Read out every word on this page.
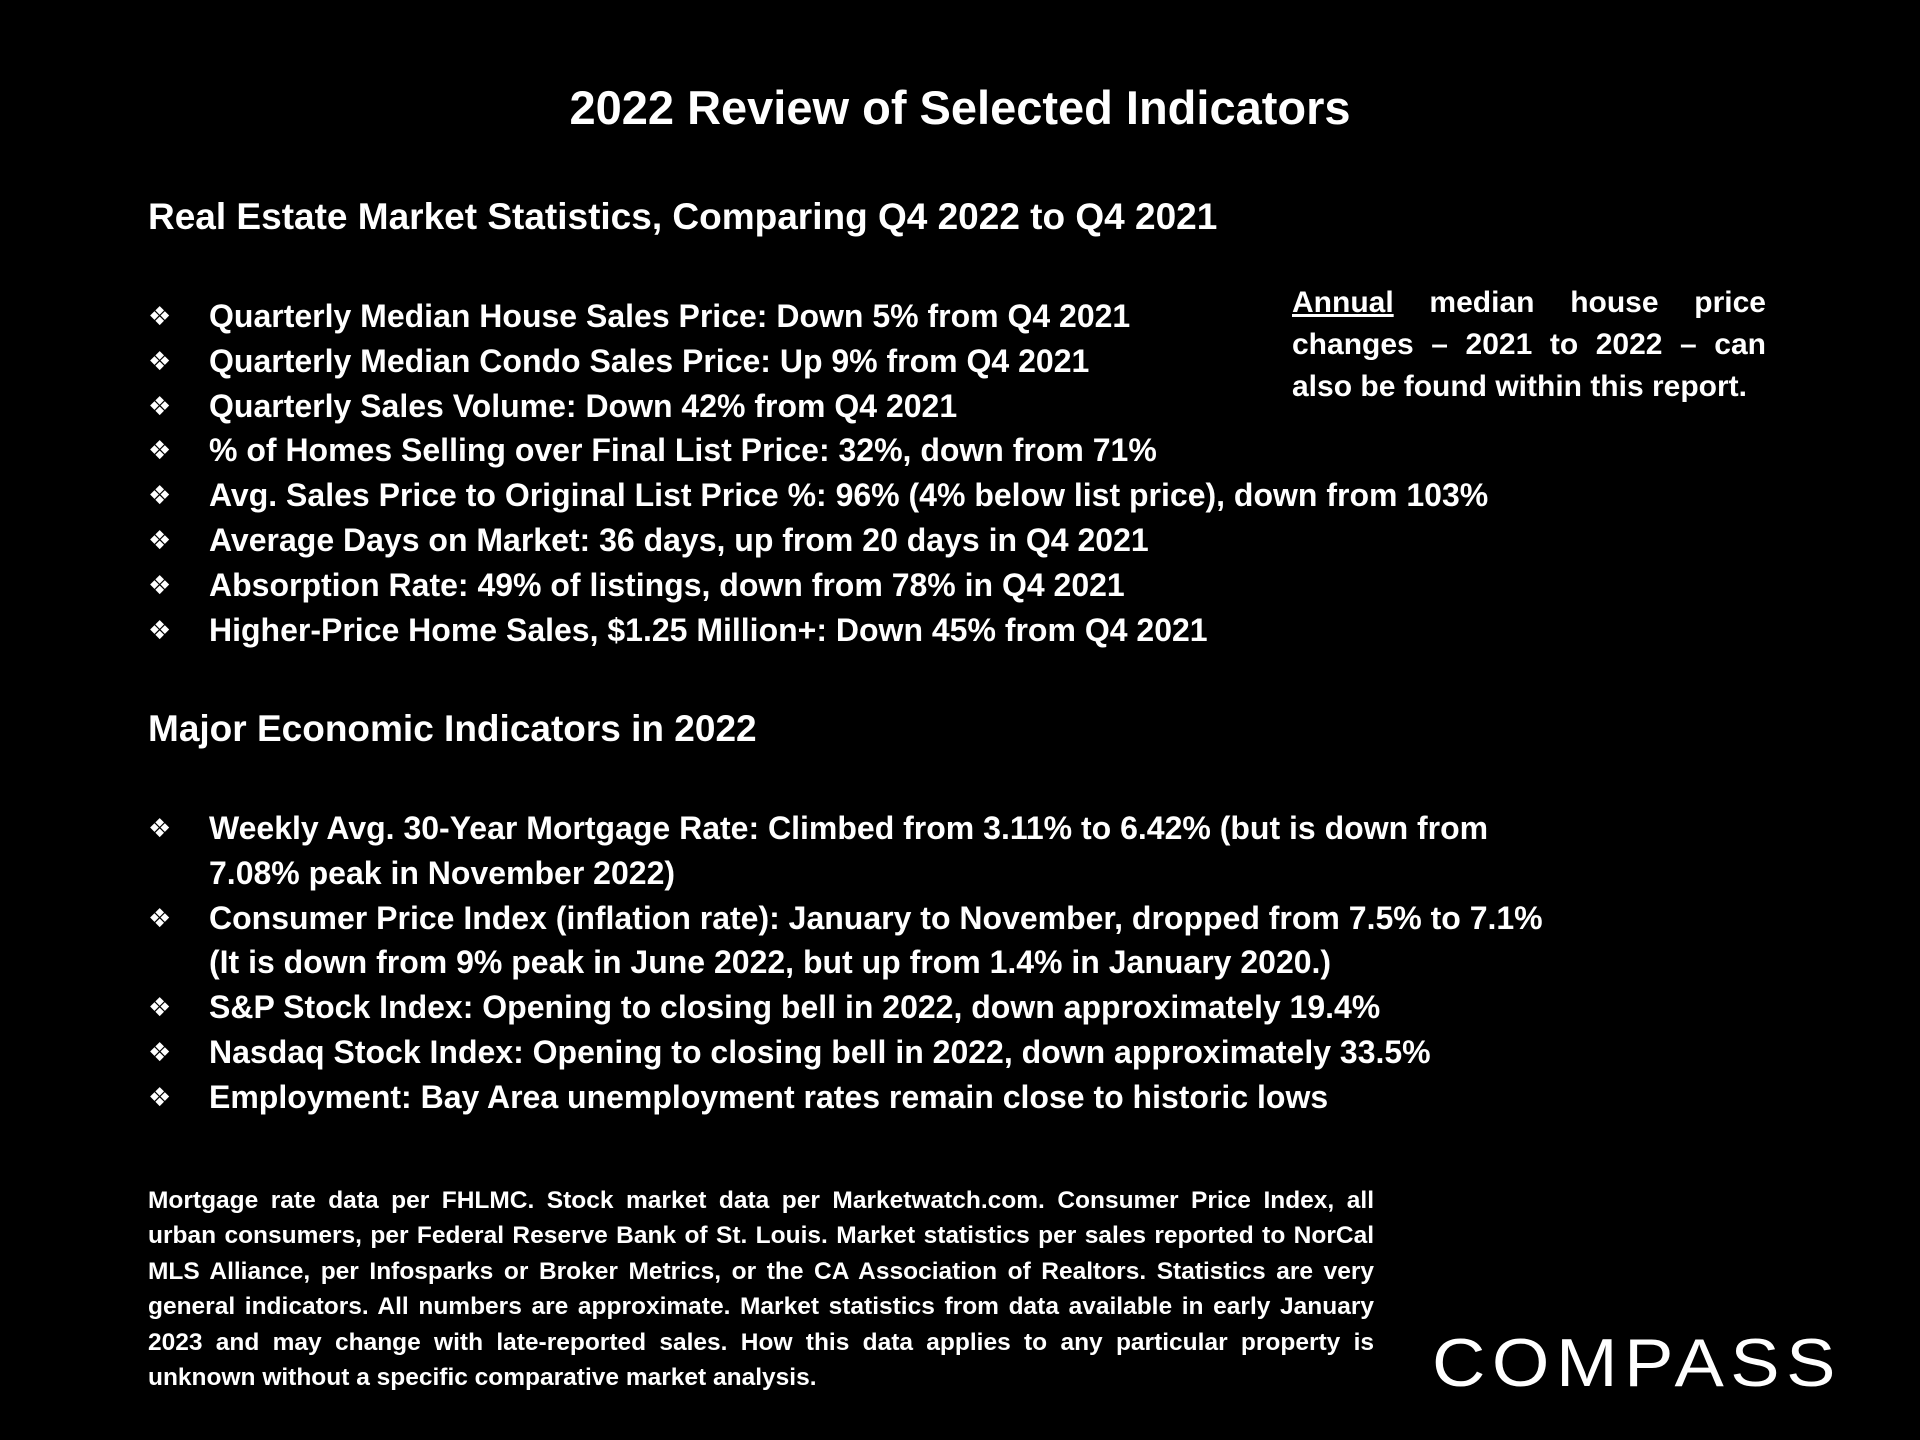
2022 Review of Selected Indicators
Real Estate Market Statistics, Comparing Q4 2022 to Q4 2021
❖	Quarterly Median House Sales Price: Down 5% from Q4 2021
❖	Quarterly Median Condo Sales Price: Up 9% from Q4 2021
❖	Quarterly Sales Volume: Down 42% from Q4 2021
❖	% of Homes Selling over Final List Price: 32%, down from 71%
❖	Avg. Sales Price to Original List Price %: 96% (4% below list price), down from 103%
❖	Average Days on Market: 36 days, up from 20 days in Q4 2021
❖	Absorption Rate: 49% of listings, down from 78% in Q4 2021
❖	Higher-Price Home Sales, $1.25 Million+: Down 45% from Q4 2021
Annual median house price changes – 2021 to 2022 – can also be found within this report.
Major Economic Indicators in 2022
❖	Weekly Avg. 30-Year Mortgage Rate: Climbed from 3.11% to 6.42% (but is down from 7.08% peak in November 2022)
❖	Consumer Price Index (inflation rate): January to November, dropped from 7.5% to 7.1% (It is down from 9% peak in June 2022, but up from 1.4% in January 2020.)
❖	S&P Stock Index: Opening to closing bell in 2022, down approximately 19.4%
❖	Nasdaq Stock Index: Opening to closing bell in 2022, down approximately 33.5%
❖	Employment: Bay Area unemployment rates remain close to historic lows
Mortgage rate data per FHLMC. Stock market data per Marketwatch.com. Consumer Price Index, all urban consumers, per Federal Reserve Bank of St. Louis. Market statistics per sales reported to NorCal MLS Alliance, per Infosparks or Broker Metrics, or the CA Association of Realtors. Statistics are very general indicators. All numbers are approximate. Market statistics from data available in early January 2023 and may change with late-reported sales. How this data applies to any particular property is unknown without a specific comparative market analysis.	COMPASS
